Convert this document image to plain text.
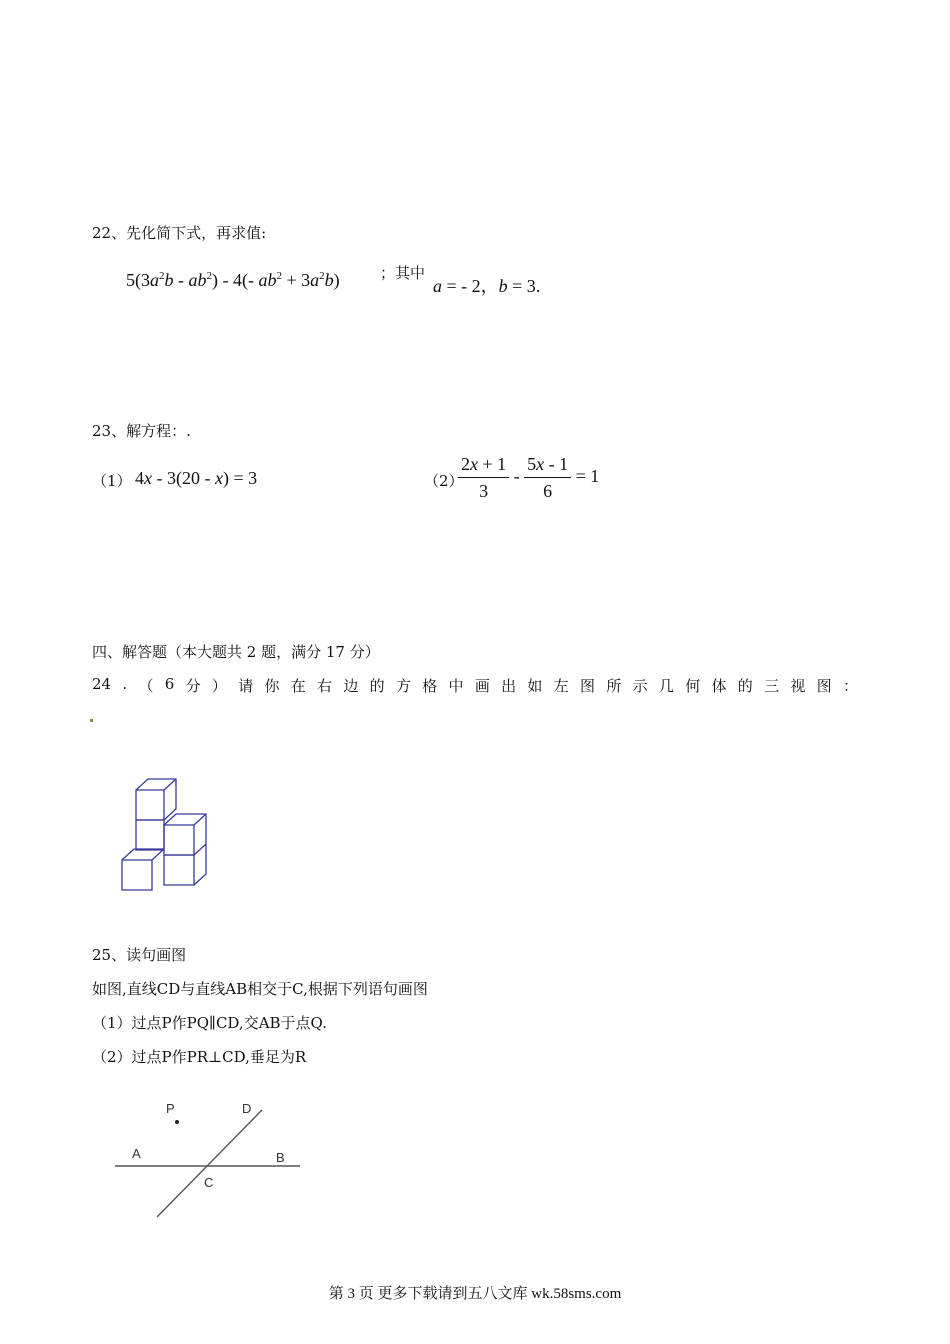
22、先化简下式，再求值:
$5(3a^2b - ab^2) - 4(-$ $ab^2 + 3a^2b$)	；其中
a = - 2，b = 3.
23、解方程：.
（1） 4x - 3(20 - x) = 3	（2）
$\frac{2x + 1}{3} - \frac{5x - 1}{6} = 1$
四、解答题（本大题共 2 题，满分 17 分）
24 . （ 6 分 ） 请 你 在 右 边 的 方 格 中 画 出 如 左 图 所 示 几 何 体 的 三 视 图 ：
25、读句画图
如图,直线CD与直线AB相交于C,根据下列语句画图
（1）过点P作PQ∥CD,交AB于点Q.
（2）过点P作PR⊥CD,垂足为R
P	D
A	B
C
第 3 页 更多下载请到五八文库 wk.58sms.com
